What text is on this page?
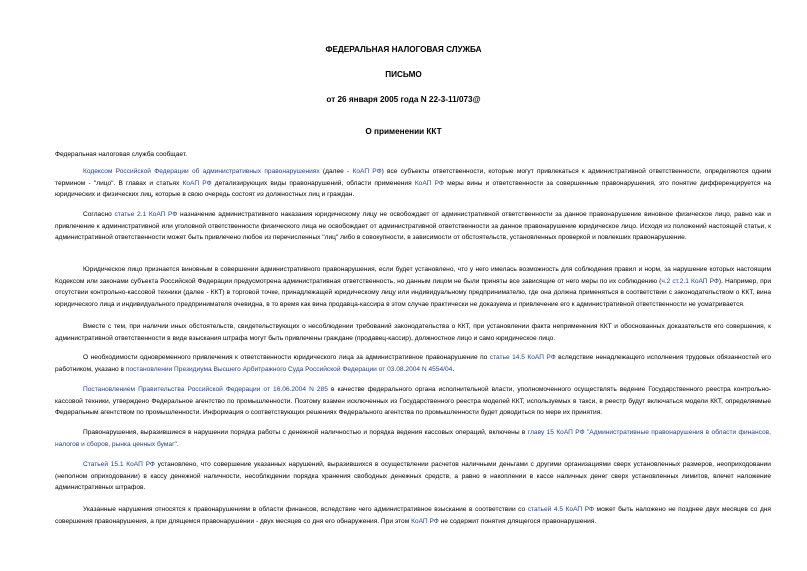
ФЕДЕРАЛЬНАЯ НАЛОГОВАЯ СЛУЖБА
ПИСЬМО
от 26 января 2005 года N 22-3-11/073@
О применении ККТ

Федеральная налоговая служба сообщает.

Кодексом Российской Федерации об административных правонарушениях (далее - КоАП РФ) все субъекты ответственности, которые могут привлекаться к административной ответственности, определяются одним термином - "лицо". В главах и статьях КоАП РФ детализирующих виды правонарушений, области применения КоАП РФ меры вины и ответственности за совершенные правонарушения, это понятие дифференцируется на юридических и физических лиц, которые в свою очередь состоят из должностных лиц и граждан.

Согласно статье 2.1 КоАП РФ назначение административного наказания юридическому лицу не освобождает от административной ответственности за данное правонарушение виновное физическое лицо, равно как и привлечение к административной или уголовной ответственности физического лица не освобождает от административной ответственности за данное правонарушение юридическое лицо. Исходя из положений настоящей статьи, к административной ответственности может быть привлечено любое из перечисленных "лиц" либо в совокупности, в зависимости от обстоятельств, установленных проверкой и повлекших правонарушение.

Юридическое лицо признается виновным в совершении административного правонарушения, если будет установлено, что у него имелась возможность для соблюдения правил и норм, за нарушение которых настоящим Кодексом или законами субъекта Российской Федерации предусмотрена административная ответственность, но данным лицом не были приняты все зависящие от него меры по их соблюдению (ч.2 ст.2.1 КоАП РФ). Например, при отсутствии контрольно-кассовой техники (далее - ККТ) в торговой точке, принадлежащей юридическому лицу или индивидуальному предпринимателю, где она должна применяться в соответствии с законодательством о ККТ, вина юридического лица и индивидуального предпринимателя очевидна, в то время как вина продавца-кассира в этом случае практически не доказуема и привлечение его к административной ответственности не усматривается.

Вместе с тем, при наличии иных обстоятельств, свидетельствующих о несоблюдении требований законодательства о ККТ, при установлении факта неприменения ККТ и обоснованных доказательств его совершения, к административной ответственности в виде взыскания штрафа могут быть привлечены граждане (продавец-кассир), должностное лицо и само юридическое лицо.

О необходимости одновременного привлечения к ответственности юридического лица за административное правонарушение по статье 14.5 КоАП РФ вследствие ненадлежащего исполнения трудовых обязанностей его работником, указано в постановлении Президиума Высшего Арбитражного Суда Российской Федерации от 03.08.2004 N 4554/04.

Постановлением Правительства Российской Федерации от 16.06.2004 N 285 в качестве федерального органа исполнительной власти, уполномоченного осуществлять ведение Государственного реестра контрольно-кассовой техники, утверждено Федеральное агентство по промышленности. Поэтому взамен исключенных из Государственного реестра моделей ККТ, используемых в такси, в реестр будут включаться модели ККТ, определяемые Федеральным агентством по промышленности. Информация о соответствующих решениях Федерального агентства по промышленности будет доводиться по мере их принятия.

Правонарушения, выразившиеся в нарушении порядка работы с денежной наличностью и порядка ведения кассовых операций, включены в главу 15 КоАП РФ "Административные правонарушения в области финансов, налогов и сборов, рынка ценных бумаг".

Статьей 15.1 КоАП РФ установлено, что совершение указанных нарушений, выразившихся в осуществлении расчетов наличными деньгами с другими организациями сверх установленных размеров, неоприходовании (неполном оприходовании) в кассу денежной наличности, несоблюдении порядка хранения свободных денежных средств, а равно в накоплении в кассе наличных денег сверх установленных лимитов, влечет наложение административных штрафов.

Указанные нарушения относятся к правонарушениям в области финансов, вследствие чего административное взыскание в соответствии со статьей 4.5 КоАП РФ может быть наложено не позднее двух месяцев со дня совершения правонарушения, а при длящемся правонарушении - двух месяцев со дня его обнаружения. При этом КоАП РФ не содержит понятия длящегося правонарушения.
